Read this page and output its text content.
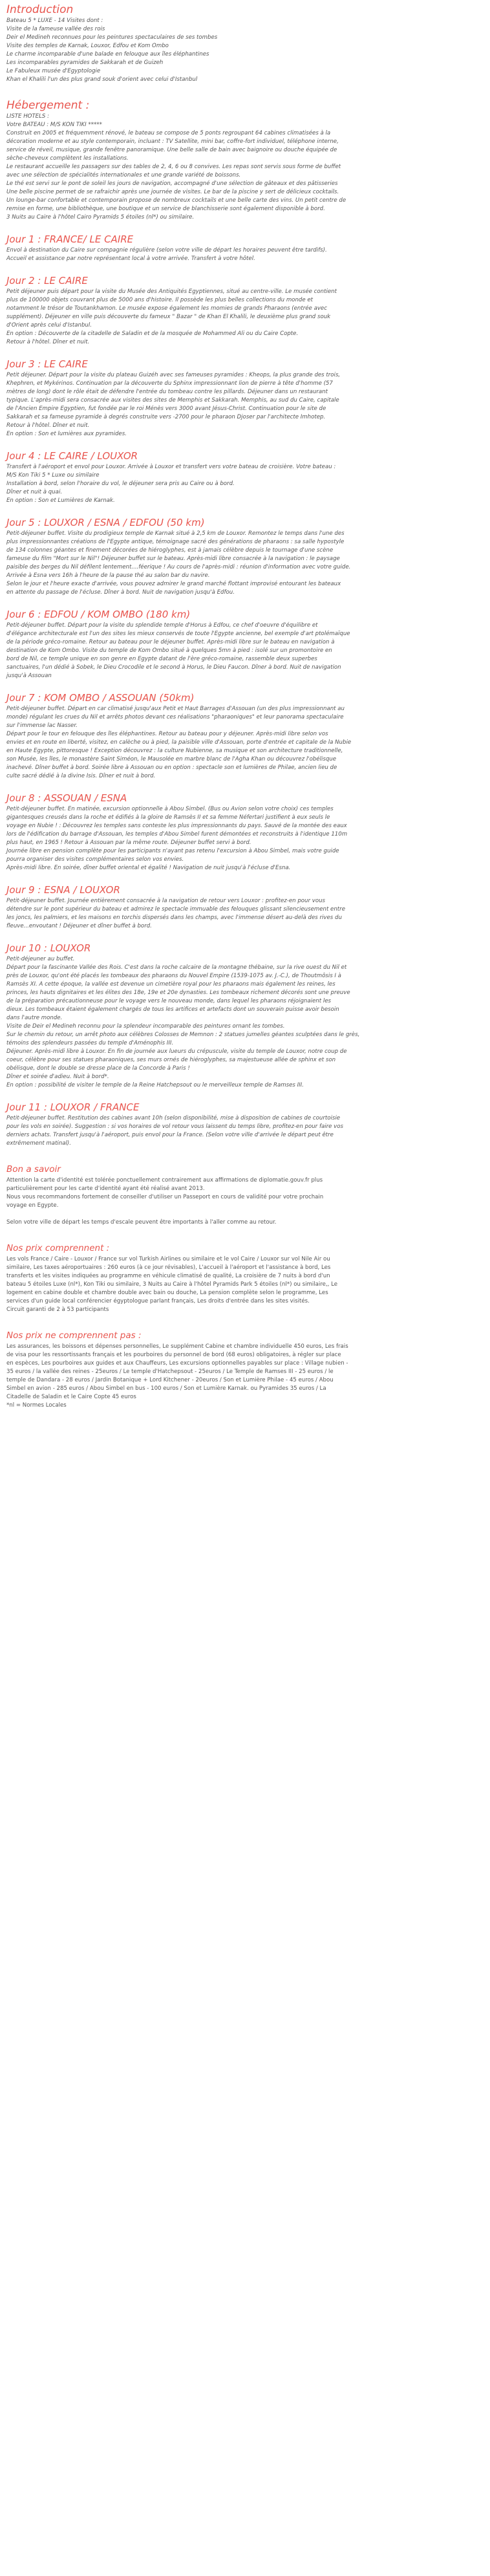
Introduction

Bateau 5 * LUXE - 14 Visites dont :

Visite de la fameuse vallée des rois

Deir el Medineh reconnues pour les peintures spectaculaires de ses tombes

Visite des temples de Karnak, Louxor, Edfou et Kom Ombo

Le charme incomparable d'une balade en felouque aux îles éléphantines

Les incomparables pyramides de Sakkarah et de Guizeh

Le Fabuleux musée d'Egyptologie

Khan el Khalili l'un des plus grand souk d'orient avec celui d'Istanbul

Hébergement :

LISTE HOTELS :

Votre BATEAU : M/S KON TIKI *****

Construit en 2005 et fréquemment rénové, le bateau se compose de 5 ponts regroupant 64 cabines climatisées à la

décoration moderne et au style contemporain, incluant : TV Satellite, mini bar, coffre-fort individuel, téléphone interne,

service de réveil, musique, grande fenêtre panoramique. Une belle salle de bain avec baignoire ou douche équipée de

sèche-cheveux complètent les installations.

Le restaurant accueille les passagers sur des tables de 2, 4, 6 ou 8 convives. Les repas sont servis sous forme de buffet

avec une sélection de spécialités internationales et une grande variété de boissons.

Le thé est servi sur le pont de soleil les jours de navigation, accompagné d'une sélection de gâteaux et des pâtisseries

Une belle piscine permet de se rafraichir après une journée de visites. Le bar de la piscine y sert de délicieux cocktails.

Un lounge-bar confortable et contemporain propose de nombreux cocktails et une belle carte des vins. Un petit centre de

remise en forme, une bibliothèque, une boutique et un service de blanchisserie sont également disponible à bord.

3 Nuits au Caire à l'hôtel Cairo Pyramids 5 étoiles (nl*) ou similaire.

Jour 1 : FRANCE/ LE CAIRE

Envol à destination du Caire sur compagnie régulière (selon votre ville de départ les horaires peuvent être tardifs).

Accueil et assistance par notre représentant local à votre arrivée. Transfert à votre hôtel.

Jour 2 : LE CAIRE

Petit déjeuner puis départ pour la visite du Musée des Antiquités Egyptiennes, situé au centre-ville. Le musée contient

plus de 100000 objets couvrant plus de 5000 ans d'histoire. Il possède les plus belles collections du monde et

notamment le trésor de Toutankhamon. Le musée expose également les momies de grands Pharaons (entrée avec

supplément). Déjeuner en ville puis découverte du fameux " Bazar " de Khan El Khalili, le deuxième plus grand souk

d'Orient après celui d'Istanbul.

En option : Découverte de la citadelle de Saladin et de la mosquée de Mohammed Ali ou du Caire Copte.

Retour à l'hôtel. Dîner et nuit.

Jour 3 : LE CAIRE

Petit déjeuner. Départ pour la visite du plateau Guizéh avec ses fameuses pyramides : Kheops, la plus grande des trois,

Khephren, et Mykérinos. Continuation par la découverte du Sphinx impressionnant lion de pierre à tête d'homme (57

mètres de long) dont le rôle était de défendre l'entrée du tombeau contre les pillards. Déjeuner dans un restaurant

typique. L'après-midi sera consacrée aux visites des sites de Memphis et Sakkarah. Memphis, au sud du Caire, capitale

de l'Ancien Empire Egyptien, fut fondée par le roi Ménès vers 3000 avant Jésus-Christ. Continuation pour le site de

Sakkarah et sa fameuse pyramide à degrés construite vers -2700 pour le pharaon Djoser par l'architecte Imhotep.

Retour à l'hôtel. Dîner et nuit.

En option : Son et lumières aux pyramides.

Jour 4 : LE CAIRE / LOUXOR

Transfert à l'aéroport et envol pour Louxor. Arrivée à Louxor et transfert vers votre bateau de croisière. Votre bateau :

M/S Kon Tiki 5 * Luxe ou similaire

Installation à bord, selon l'horaire du vol, le déjeuner sera pris au Caire ou à bord.

Dîner et nuit à quai.

En option : Son et Lumières de Karnak.

Jour 5 : LOUXOR / ESNA / EDFOU (50 km)

Petit-déjeuner buffet. Visite du prodigieux temple de Karnak situé à 2,5 km de Louxor. Remontez le temps dans l'une des

plus impressionnantes créations de l'Egypte antique, témoignage sacré des générations de pharaons : sa salle hypostyle

de 134 colonnes géantes et finement décorées de hiéroglyphes, est à jamais célèbre depuis le tournage d'une scène

fameuse du film "Mort sur le Nil"! Déjeuner buffet sur le bateau. Après-midi libre consacrée à la navigation : le paysage

paisible des berges du Nil défilent lentement....féerique ! Au cours de l'après-midi : réunion d'information avec votre guide.

Arrivée à Esna vers 16h à l'heure de la pause thé au salon bar du navire.

Selon le jour et l'heure exacte d'arrivée, vous pouvez admirer le grand marché flottant improvisé entourant les bateaux

en attente du passage de l'écluse. Dîner à bord. Nuit de navigation jusqu'à Edfou.

Jour 6 : EDFOU / KOM OMBO (180 km)

Petit-déjeuner buffet. Départ pour la visite du splendide temple d'Horus à Edfou, ce chef d'oeuvre d'équilibre et

d'élégance architecturale est l'un des sites les mieux conservés de toute l'Egypte ancienne, bel exemple d'art ptolémaïque

de la période gréco-romaine. Retour au bateau pour le déjeuner buffet. Après-midi libre sur le bateau en navigation à

destination de Kom Ombo. Visite du temple de Kom Ombo situé à quelques 5mn à pied : isolé sur un promontoire en

bord de Nil, ce temple unique en son genre en Egypte datant de l'ère gréco-romaine, rassemble deux superbes

sanctuaires, l'un dédié à Sobek, le Dieu Crocodile et le second à Horus, le Dieu Faucon. Dîner à bord. Nuit de navigation

jusqu'à Assouan

Jour 7 : KOM OMBO / ASSOUAN (50km)

Petit-déjeuner buffet. Départ en car climatisé jusqu'aux Petit et Haut Barrages d'Assouan (un des plus impressionnant au

monde) régulant les crues du Nil et arrêts photos devant ces réalisations "pharaoniques" et leur panorama spectaculaire

sur l'immense lac Nasser.

Départ pour le tour en felouque des îles éléphantines. Retour au bateau pour y déjeuner. Après-midi libre selon vos

envies et en route en liberté, visitez, en calèche ou à pied, la paisible ville d'Assouan, porte d'entrée et capitale de la Nubie

en Haute Egypte, pittoresque ! Exception découvrez : la culture Nubienne, sa musique et son architecture traditionnelle,

son Musée, les îles, le monastère Saint Siméon, le Mausolée en marbre blanc de l'Agha Khan ou découvrez l'obélisque

inachevé. Dîner buffet à bord. Soirée libre à Assouan ou en option : spectacle son et lumières de Philae, ancien lieu de

culte sacré dédié à la divine Isis. Dîner et nuit à bord.

Jour 8 : ASSOUAN / ESNA

Petit-déjeuner buffet. En matinée, excursion optionnelle à Abou Simbel. (Bus ou Avion selon votre choix) ces temples

gigantesques creusés dans la roche et édifiés à la gloire de Ramsès II et sa femme Néfertari justifient à eux seuls le

voyage en Nubie ! : Découvrez les temples sans conteste les plus impressionnants du pays. Sauvé de la montée des eaux

lors de l'édification du barrage d'Assouan, les temples d'Abou Simbel furent démontées et reconstruits à l'identique 110m

plus haut, en 1965 ! Retour à Assouan par la même route. Déjeuner buffet servi à bord.

Journée libre en pension complète pour les participants n'ayant pas retenu l'excursion à Abou Simbel, mais votre guide

pourra organiser des visites complémentaires selon vos envies.

Après-midi libre. En soirée, dîner buffet oriental et égalité ! Navigation de nuit jusqu'à l'écluse d'Esna.

Jour 9 : ESNA / LOUXOR

Petit-déjeuner buffet. Journée entièrement consacrée à la navigation de retour vers Louxor : profitez-en pour vous

détendre sur le pont supérieur du bateau et admirez le spectacle immuable des felouques glissant silencieusement entre

les joncs, les palmiers, et les maisons en torchis dispersés dans les champs, avec l'immense désert au-delà des rives du

fleuve...envoutant ! Déjeuner et dîner buffet à bord.

Jour 10 : LOUXOR

Petit-déjeuner au buffet.

Départ pour la fascinante Vallée des Rois. C'est dans la roche calcaire de la montagne thébaine, sur la rive ouest du Nil et

près de Louxor, qu'ont été placés les tombeaux des pharaons du Nouvel Empire (1539-1075 av. J.-C.), de Thoutmôsis I à

Ramsès XI. A cette époque, la vallée est devenue un cimetière royal pour les pharaons mais également les reines, les

princes, les hauts dignitaires et les élites des 18e, 19e et 20e dynasties. Les tombeaux richement décorés sont une preuve

de la préparation précautionneuse pour le voyage vers le nouveau monde, dans lequel les pharaons réjoignaient les

dieux. Les tombeaux étaient également chargés de tous les artifices et artefacts dont un souverain puisse avoir besoin

dans l'autre monde.

Visite de Deir el Medineh reconnu pour la splendeur incomparable des peintures ornant les tombes.

Sur le chemin du retour, un arrêt photo aux célèbres Colosses de Memnon : 2 statues jumelles géantes sculptées dans le grès,

témoins des splendeurs passées du temple d'Aménophis III.

Déjeuner. Après-midi libre à Louxor. En fin de journée aux lueurs du crépuscule, visite du temple de Louxor, notre coup de

coeur, célèbre pour ses statues pharaoniques, ses murs ornés de hiéroglyphes, sa majestueuse allée de sphinx et son

obélisque, dont le double se dresse place de la Concorde à Paris !

Dîner et soirée d'adieu. Nuit à bord*.

En option : possibilité de visiter le temple de la Reine Hatchepsout ou le merveilleux temple de Ramses III.

Jour 11 : LOUXOR / FRANCE

Petit-déjeuner buffet. Restitution des cabines avant 10h (selon disponibilité, mise à disposition de cabines de courtoisie

pour les vols en soirée). Suggestion : si vos horaires de vol retour vous laissent du temps libre, profitez-en pour faire vos

derniers achats. Transfert jusqu'à l'aéroport, puis envol pour la France. (Selon votre ville d'arrivée le départ peut être

extrêmement matinal).

Bon a savoir

Attention la carte d'identité est tolérée ponctuellement contrairement aux affirmations de diplomatie.gouv.fr plus

particulièrement pour les carte d'identité ayant été réalisé avant 2013.

Nous vous recommandons fortement de conseiller d'utiliser un Passeport en cours de validité pour votre prochain

voyage en Egypte.

Selon votre ville de départ les temps d'escale peuvent être importants à l'aller comme au retour.

Nos prix comprennent :

Les vols France / Caire - Louxor / France sur vol Turkish Airlines ou similaire et le vol Caire / Louxor sur vol Nile Air ou

similaire, Les taxes aéroportuaires : 260 euros (à ce jour révisables), L'accueil à l'aéroport et l'assistance à bord, Les

transferts et les visites indiquées au programme en véhicule climatisé de qualité, La croisière de 7 nuits à bord d'un

bateau 5 étoiles Luxe (nl*), Kon Tiki ou similaire, 3 Nuits au Caire à l'hôtel Pyramids Park 5 étoiles (nl*) ou similaire,, Le

logement en cabine double et chambre double avec bain ou douche, La pension complète selon le programme, Les

services d'un guide local conférencier égyptologue parlant français, Les droits d'entrée dans les sites visités.

Circuit garanti de 2 à 53 participants

Nos prix ne comprennent pas :

Les assurances, les boissons et dépenses personnelles, Le supplément Cabine et chambre individuelle 450 euros, Les frais

de visa pour les ressortissants français et les pourboires du personnel de bord (68 euros) obligatoires, à régler sur place

en espèces, Les pourboires aux guides et aux Chauffeurs, Les excursions optionnelles payables sur place : Village nubien -

35 euros / la vallée des reines - 25euros / Le temple d'Hatchepsout - 25euros / Le Temple de Ramses III - 25 euros / le

temple de Dandara - 28 euros / Jardin Botanique + Lord Kitchener - 20euros / Son et Lumière Philae - 45 euros / Abou

Simbel en avion - 285 euros / Abou Simbel en bus - 100 euros / Son et Lumière Karnak. ou Pyramides 35 euros / La

Citadelle de Saladin et le Caire Copte 45 euros

*nl = Normes Locales
